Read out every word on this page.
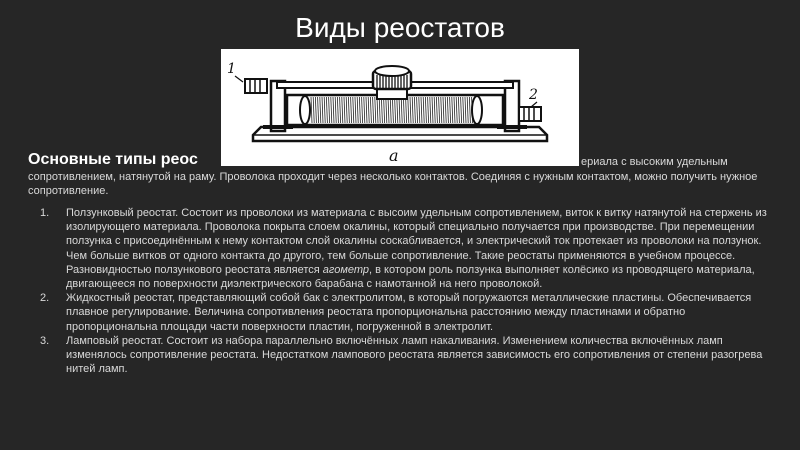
Виды реостатов
1
2
a
Основные типы реос	ериала с высоким удельным
сопротивлением, натянутой на раму. Проволока проходит через несколько контактов. Соединяя с нужным контактом, можно получить нужное сопротивление.
1. Ползунковый реостат. Состоит из проволоки из материала с высоим удельным сопротивлением, виток к витку натянутой на стержень из изолирующего материала. Проволока покрыта слоем окалины, который специально получается при производстве. При перемещении ползунка с присоединённым к нему контактом слой окалины соскабливается, и электрический ток протекает из проволоки на ползунок. Чем больше витков от одного контакта до другого, тем больше сопротивление. Такие реостаты применяются в учебном процессе. Разновидностью ползункового реостата является агометр, в котором роль ползунка выполняет колёсико из проводящего материала, двигающееся по поверхности диэлектрического барабана с намотанной на него проволокой.
2. Жидкостный реостат, представляющий собой бак с электролитом, в который погружаются металлические пластины. Обеспечивается плавное регулирование. Величина сопротивления реостата пропорциональна расстоянию между пластинами и обратно пропорциональна площади части поверхности пластин, погруженной в электролит.
3. Ламповый реостат. Состоит из набора параллельно включённых ламп накаливания. Изменением количества включённых ламп изменялось сопротивление реостата. Недостатком лампового реостата является зависимость его сопротивления от степени разогрева нитей ламп.
